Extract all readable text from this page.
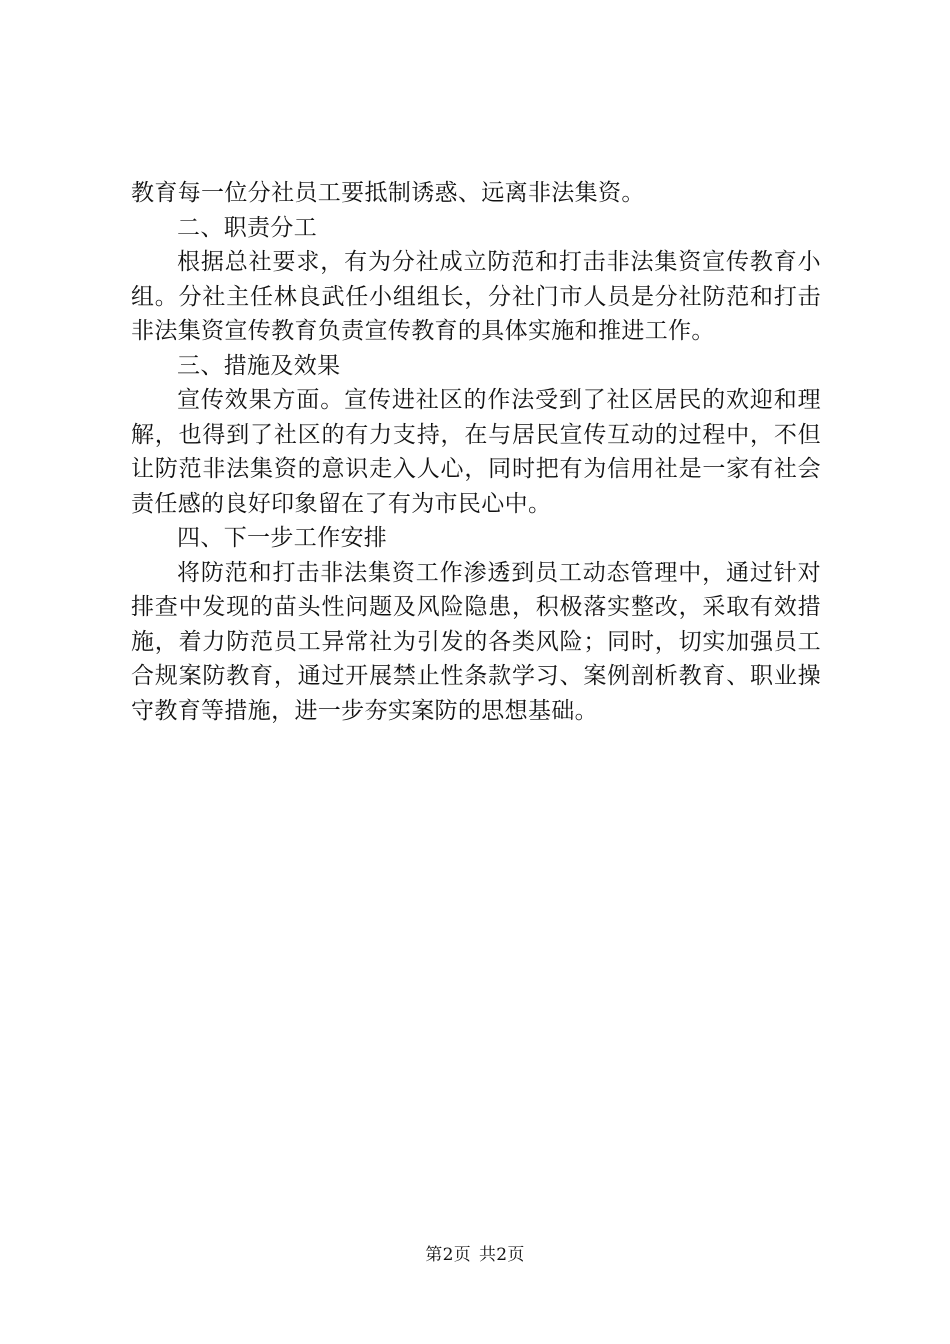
教育每一位分社员工要抵制诱惑、远离非法集资。

二、职责分工

根据总社要求，有为分社成立防范和打击非法集资宣传教育小组。分社主任林良武任小组组长，分社门市人员是分社防范和打击非法集资宣传教育负责宣传教育的具体实施和推进工作。

三、措施及效果

宣传效果方面。宣传进社区的作法受到了社区居民的欢迎和理解，也得到了社区的有力支持，在与居民宣传互动的过程中，不但让防范非法集资的意识走入人心，同时把有为信用社是一家有社会责任感的良好印象留在了有为市民心中。

四、下一步工作安排

将防范和打击非法集资工作渗透到员工动态管理中，通过针对排查中发现的苗头性问题及风险隐患，积极落实整改，采取有效措施，着力防范员工异常社为引发的各类风险；同时，切实加强员工合规案防教育，通过开展禁止性条款学习、案例剖析教育、职业操守教育等措施，进一步夯实案防的思想基础。

第2页 共2页
